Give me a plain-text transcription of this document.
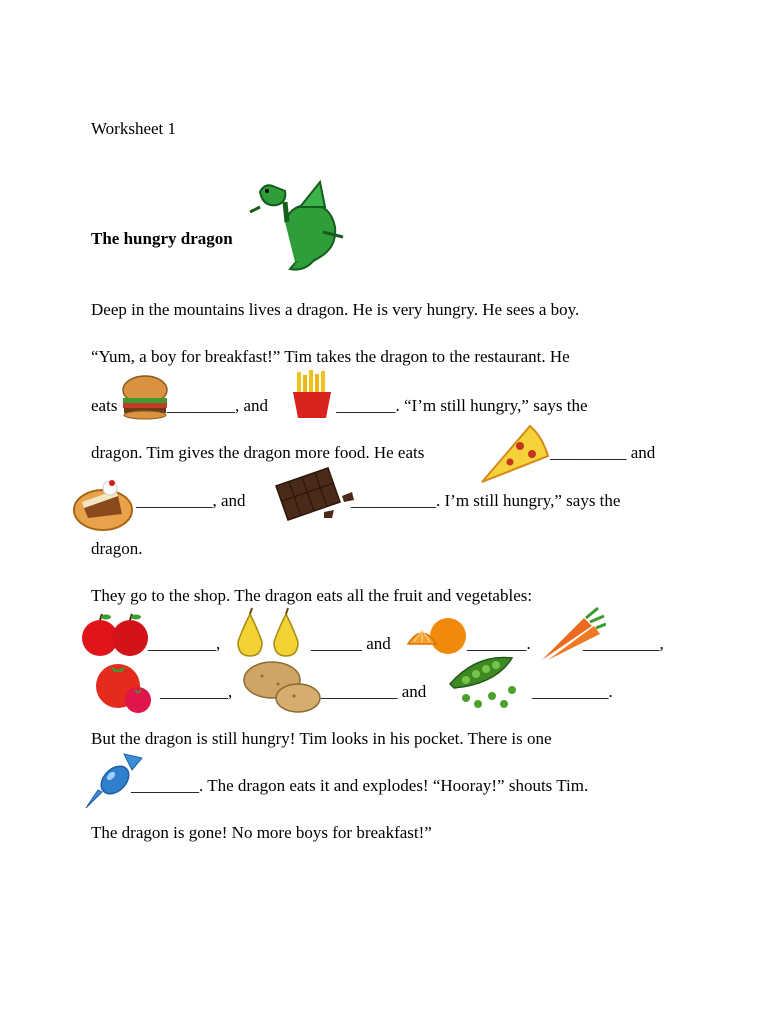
Worksheet 1
The hungry dragon
Deep in the mountains lives a dragon. He is very hungry. He sees a boy.
“Yum, a boy for breakfast!” Tim takes the dragon to the restaurant. He
eats	________, and	_______. “I’m still hungry,” says the
dragon. Tim gives the dragon more food. He eats	_________ and
_________, and	__________. I’m still hungry,” says the
dragon.
They go to the shop. The dragon eats all the fruit and vegetables:
________,	______ and	_______.	_________,
________,	_________ and	_________.
But the dragon is still hungry! Tim looks in his pocket. There is one
________. The dragon eats it and explodes! “Hooray!” shouts Tim.
The dragon is gone! No more boys for breakfast!”
